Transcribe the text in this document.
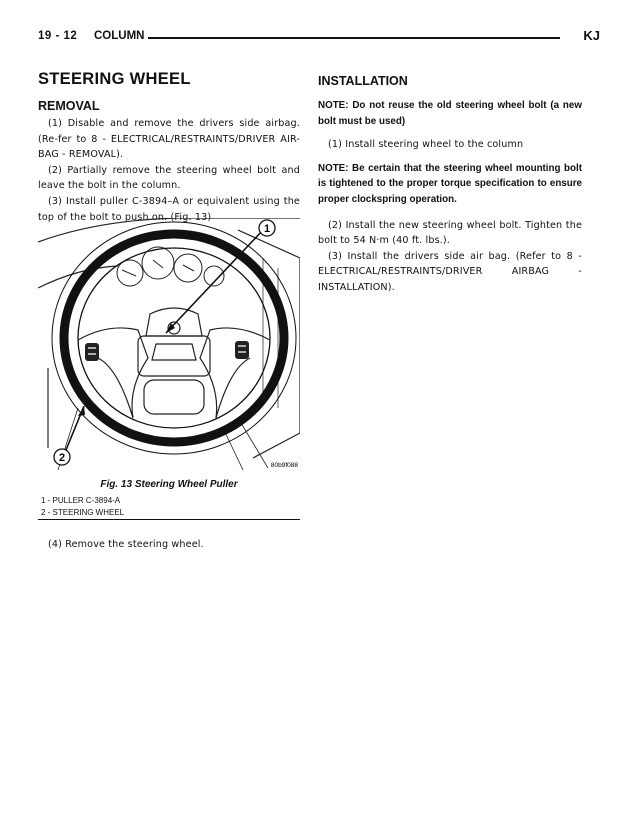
19 - 12 COLUMN	KJ
STEERING WHEEL
REMOVAL

(1) Disable and remove the drivers side airbag.(Re-fer to 8 - ELECTRICAL/RESTRAINTS/DRIVER AIR-BAG - REMOVAL).

(2) Partially remove the steering wheel bolt and leave the bolt in the column.

(3) Install puller C-3894–A or equivalent using the top of the bolt to push on. (Fig. 13)

1
2
80b9f088
Fig. 13 Steering Wheel Puller
1 - PULLER C-3894-A
2 - STEERING WHEEL

(4) Remove the steering wheel.

INSTALLATION

NOTE: Do not reuse the old steering wheel bolt (a new bolt must be used)

(1) Install steering wheel to the column

NOTE: Be certain that the steering wheel mounting bolt is tightened to the proper torque specification to ensure proper clockspring operation.

(2) Install the new steering wheel bolt. Tighten the bolt to 54 N·m (40 ft. lbs.).

(3) Install the drivers side air bag. (Refer to 8 - ELECTRICAL/RESTRAINTS/DRIVER AIRBAG - INSTALLATION).
